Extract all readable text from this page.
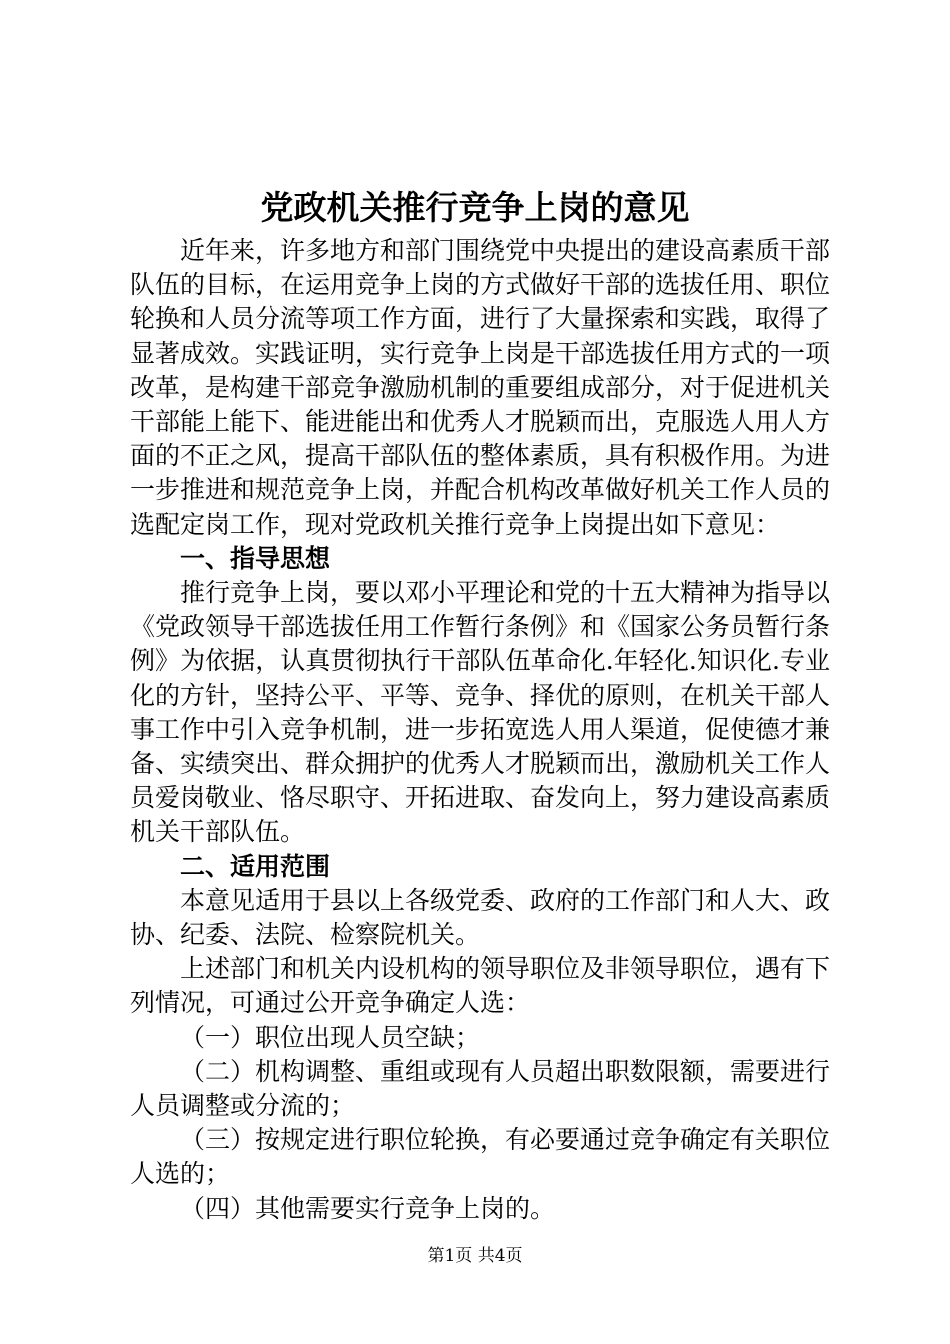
党政机关推行竞争上岗的意见

近年来，许多地方和部门围绕党中央提出的建设高素质干部队伍的目标，在运用竞争上岗的方式做好干部的选拔任用、职位轮换和人员分流等项工作方面，进行了大量探索和实践，取得了显著成效。实践证明，实行竞争上岗是干部选拔任用方式的一项改革，是构建干部竞争激励机制的重要组成部分，对于促进机关干部能上能下、能进能出和优秀人才脱颖而出，克服选人用人方面的不正之风，提高干部队伍的整体素质，具有积极作用。为进一步推进和规范竞争上岗，并配合机构改革做好机关工作人员的选配定岗工作，现对党政机关推行竞争上岗提出如下意见：

一、指导思想

推行竞争上岗，要以邓小平理论和党的十五大精神为指导以《党政领导干部选拔任用工作暂行条例》和《国家公务员暂行条例》为依据，认真贯彻执行干部队伍革命化.年轻化.知识化.专业化的方针，坚持公平、平等、竞争、择优的原则，在机关干部人事工作中引入竞争机制，进一步拓宽选人用人渠道，促使德才兼备、实绩突出、群众拥护的优秀人才脱颖而出，激励机关工作人员爱岗敬业、恪尽职守、开拓进取、奋发向上，努力建设高素质机关干部队伍。

二、适用范围

本意见适用于县以上各级党委、政府的工作部门和人大、政协、纪委、法院、检察院机关。

上述部门和机关内设机构的领导职位及非领导职位，遇有下列情况，可通过公开竞争确定人选：

（一）职位出现人员空缺；

（二）机构调整、重组或现有人员超出职数限额，需要进行人员调整或分流的；

（三）按规定进行职位轮换，有必要通过竞争确定有关职位人选的；

（四）其他需要实行竞争上岗的。

第1页 共4页
